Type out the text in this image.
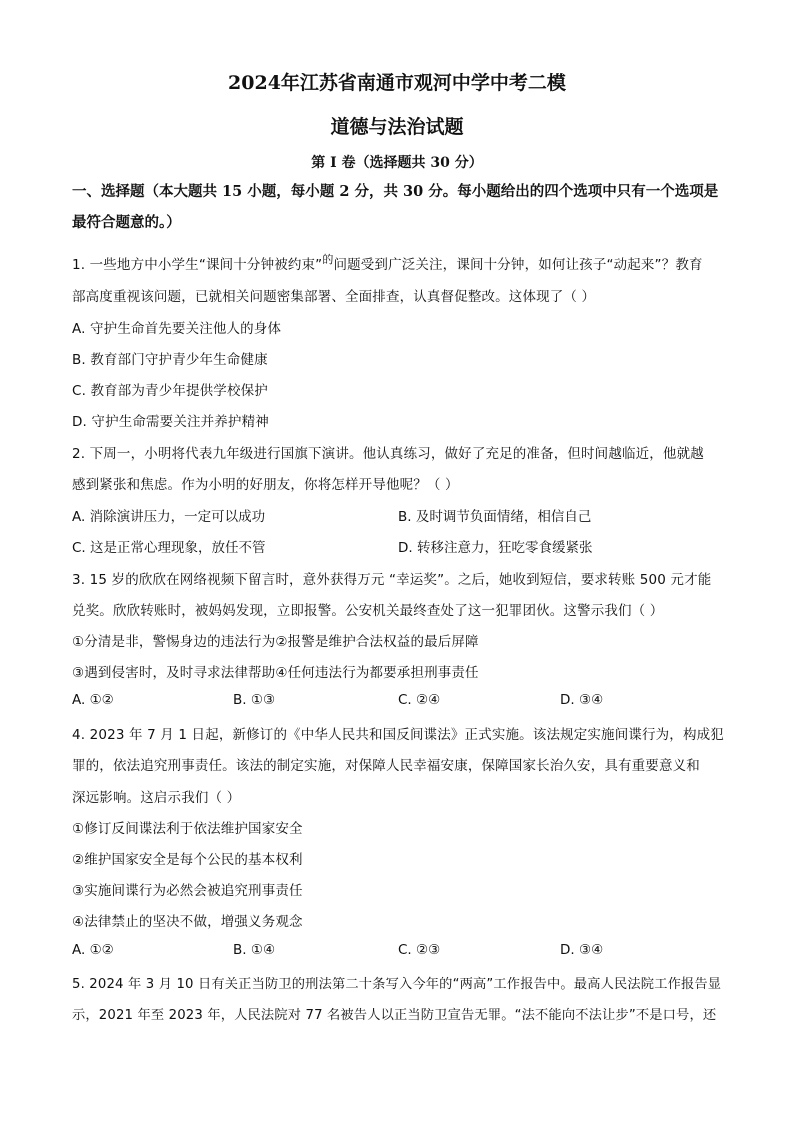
2024年江苏省南通市观河中学中考二模
道德与法治试题
第 I 卷（选择题共 30 分）
一、选择题（本大题共 15 小题，每小题 2 分，共 30 分。每小题给出的四个选项中只有一个选项是最符合题意的。）
1. 一些地方中小学生“课间十分钟被约束”$^的$问题受到广泛关注，课间十分钟，如何让孩子“动起来”？教育
部高度重视该问题，已就相关问题密集部署、全面排查，认真督促整改。这体现了（ ）
A. 守护生命首先要关注他人的身体
B. 教育部门守护青少年生命健康
C. 教育部为青少年提供学校保护
D. 守护生命需要关注并养护精神
2. 下周一，小明将代表九年级进行国旗下演讲。他认真练习，做好了充足的准备，但时间越临近，他就越
感到紧张和焦虑。作为小明的好朋友，你将怎样开导他呢？（ ）
A. 消除演讲压力，一定可以成功	B. 及时调节负面情绪，相信自己
C. 这是正常心理现象，放任不管	D. 转移注意力，狂吃零食缓紧张
3. 15 岁的欣欣在网络视频下留言时，意外获得万元 “幸运奖”。之后，她收到短信，要求转账 500 元才能
兑奖。欣欣转账时，被妈妈发现，立即报警。公安机关最终查处了这一犯罪团伙。这警示我们（ ）
①分清是非，警惕身边的违法行为②报警是维护合法权益的最后屏障
③遇到侵害时，及时寻求法律帮助④任何违法行为都要承担刑事责任
A. ①②	B. ①③	C. ②④	D. ③④
4. 2023 年 7 月 1 日起，新修订的《中华人民共和国反间谍法》正式实施。该法规定实施间谍行为，构成犯
罪的，依法追究刑事责任。该法的制定实施，对保障人民幸福安康，保障国家长治久安，具有重要意义和
深远影响。这启示我们（ ）
①修订反间谍法利于依法维护国家安全
②维护国家安全是每个公民的基本权利
③实施间谍行为必然会被追究刑事责任
④法律禁止的坚决不做，增强义务观念
A. ①②	B. ①④	C. ②③	D. ③④
5. 2024 年 3 月 10 日有关正当防卫的刑法第二十条写入今年的“两高”工作报告中。最高人民法院工作报告显
示，2021 年至 2023 年，人民法院对 77 名被告人以正当防卫宣告无罪。“法不能向不法让步”不是口号，还
